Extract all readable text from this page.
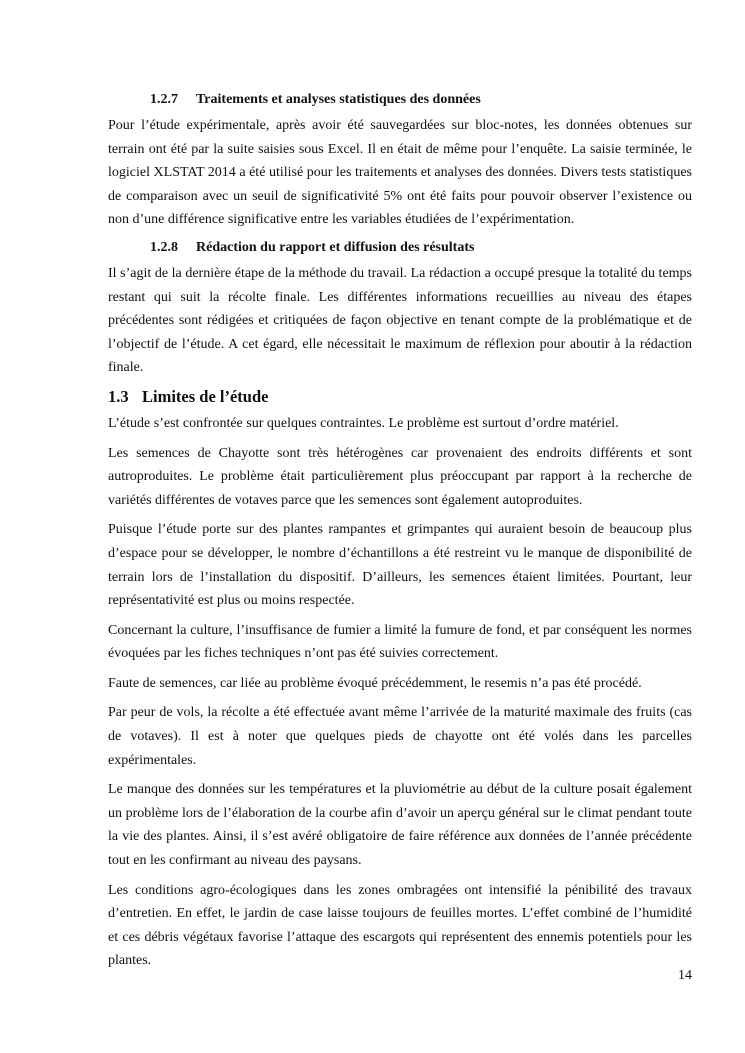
1.2.7 Traitements et analyses statistiques des données

Pour l’étude expérimentale, après avoir été sauvegardées sur bloc-notes, les données obtenues sur terrain ont été par la suite saisies sous Excel. Il en était de même pour l’enquête. La saisie terminée, le logiciel XLSTAT 2014 a été utilisé pour les traitements et analyses des données. Divers tests statistiques de comparaison avec un seuil de significativité 5% ont été faits pour pouvoir observer l’existence ou non d’une différence significative entre les variables étudiées de l’expérimentation.

1.2.8 Rédaction du rapport et diffusion des résultats

Il s’agit de la dernière étape de la méthode du travail. La rédaction a occupé presque la totalité du temps restant qui suit la récolte finale. Les différentes informations recueillies au niveau des étapes précédentes sont rédigées et critiquées de façon objective en tenant compte de la problématique et de l’objectif de l’étude. A cet égard, elle nécessitait le maximum de réflexion pour aboutir à la rédaction finale.

1.3 Limites de l’étude

L’étude s’est confrontée sur quelques contraintes. Le problème est surtout d’ordre matériel.

Les semences de Chayotte sont très hétérogènes car provenaient des endroits différents et sont autroproduites. Le problème était particulièrement plus préoccupant par rapport à la recherche de variétés différentes de votaves parce que les semences sont également autoproduites.

Puisque l’étude porte sur des plantes rampantes et grimpantes qui auraient besoin de beaucoup plus d’espace pour se développer, le nombre d’échantillons a été restreint vu le manque de disponibilité de terrain lors de l’installation du dispositif. D’ailleurs, les semences étaient limitées. Pourtant, leur représentativité est plus ou moins respectée.

Concernant la culture, l’insuffisance de fumier a limité la fumure de fond, et par conséquent les normes évoquées par les fiches techniques n’ont pas été suivies correctement.

Faute de semences, car liée au problème évoqué précédemment, le resemis n’a pas été procédé.

Par peur de vols, la récolte a été effectuée avant même l’arrivée de la maturité maximale des fruits (cas de votaves). Il est à noter que quelques pieds de chayotte ont été volés dans les parcelles expérimentales.

Le manque des données sur les températures et la pluviométrie au début de la culture posait également un problème lors de l’élaboration de la courbe afin d’avoir un aperçu général sur le climat pendant toute la vie des plantes. Ainsi, il s’est avéré obligatoire de faire référence aux données de l’année précédente tout en les confirmant au niveau des paysans.

Les conditions agro-écologiques dans les zones ombragées ont intensifié la pénibilité des travaux d’entretien. En effet, le jardin de case laisse toujours de feuilles mortes. L’effet combiné de l’humidité et ces débris végétaux favorise l’attaque des escargots qui représentent des ennemis potentiels pour les plantes.

14
